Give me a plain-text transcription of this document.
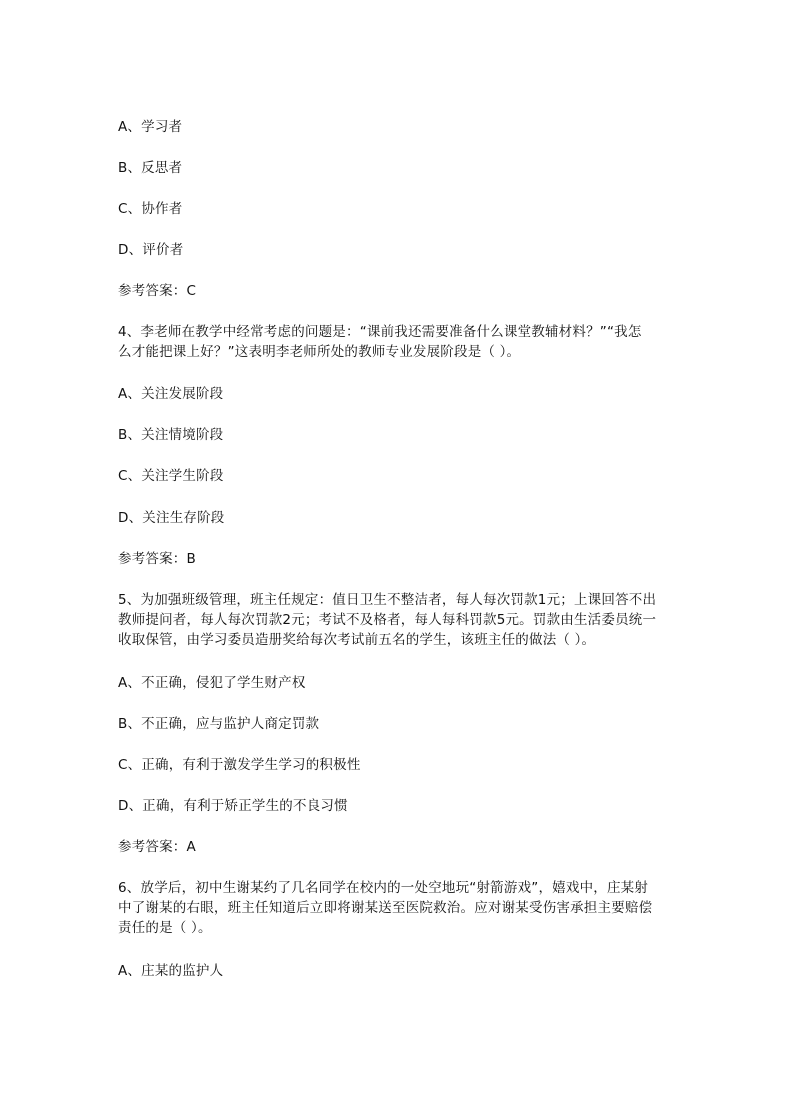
A、学习者
B、反思者
C、协作者
D、评价者
参考答案：C
4、李老师在教学中经常考虑的问题是：“课前我还需要准备什么课堂教辅材料？”“我怎
么才能把课上好？”这表明李老师所处的教师专业发展阶段是（ ）。
A、关注发展阶段
B、关注情境阶段
C、关注学生阶段
D、关注生存阶段
参考答案：B
5、为加强班级管理，班主任规定：值日卫生不整洁者，每人每次罚款1元；上课回答不出
教师提问者，每人每次罚款2元；考试不及格者，每人每科罚款5元。罚款由生活委员统一
收取保管，由学习委员造册奖给每次考试前五名的学生，该班主任的做法（ ）。
A、不正确，侵犯了学生财产权
B、不正确，应与监护人商定罚款
C、正确，有利于激发学生学习的积极性
D、正确，有利于矫正学生的不良习惯
参考答案：A
6、放学后，初中生谢某约了几名同学在校内的一处空地玩“射箭游戏”，嬉戏中，庄某射
中了谢某的右眼，班主任知道后立即将谢某送至医院救治。应对谢某受伤害承担主要赔偿
责任的是（ ）。
A、庄某的监护人
